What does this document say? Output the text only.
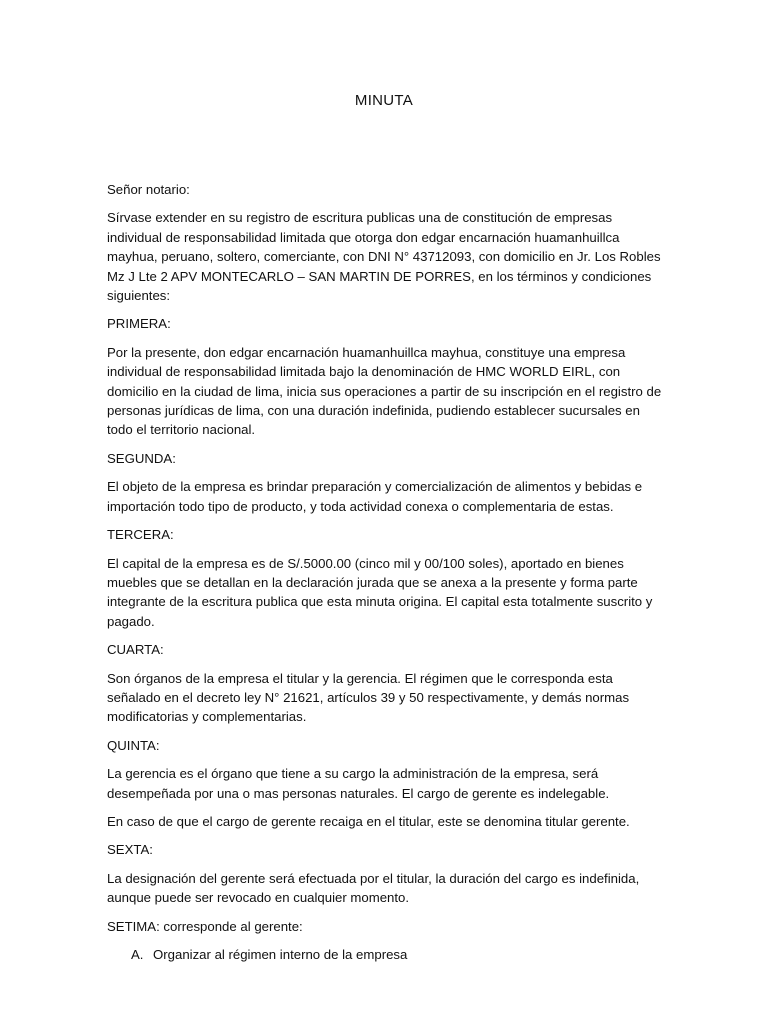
MINUTA

Señor notario:

Sírvase extender en su registro de escritura publicas una de constitución de empresas individual de responsabilidad limitada que otorga don edgar encarnación huamanhuillca mayhua, peruano, soltero, comerciante, con DNI N° 43712093, con domicilio en Jr. Los Robles Mz J Lte 2 APV MONTECARLO – SAN MARTIN DE PORRES, en los términos y condiciones siguientes:

PRIMERA:

Por la presente, don edgar encarnación huamanhuillca mayhua, constituye una empresa individual de responsabilidad limitada bajo la denominación de HMC WORLD EIRL, con domicilio en la ciudad de lima, inicia sus operaciones a partir de su inscripción en el registro de personas jurídicas de lima, con una duración indefinida, pudiendo establecer sucursales en todo el territorio nacional.

SEGUNDA:

El objeto de la empresa es brindar preparación y comercialización de alimentos y bebidas e importación todo tipo de producto, y toda actividad conexa o complementaria de estas.

TERCERA:

El capital de la empresa es de S/.5000.00 (cinco mil y 00/100 soles), aportado en bienes muebles que se detallan en la declaración jurada que se anexa a la presente y forma parte integrante de la escritura publica que esta minuta origina. El capital esta totalmente suscrito y pagado.

CUARTA:

Son órganos de la empresa el titular y la gerencia. El régimen que le corresponda esta señalado en el decreto ley N° 21621, artículos 39 y 50 respectivamente, y demás normas modificatorias y complementarias.

QUINTA:

La gerencia es el órgano que tiene a su cargo la administración de la empresa, será desempeñada por una o mas personas naturales. El cargo de gerente es indelegable.

En caso de que el cargo de gerente recaiga en el titular, este se denomina titular gerente.

SEXTA:

La designación del gerente será efectuada por el titular, la duración del cargo es indefinida, aunque puede ser revocado en cualquier momento.

SETIMA: corresponde al gerente:

A. Organizar al régimen interno de la empresa
